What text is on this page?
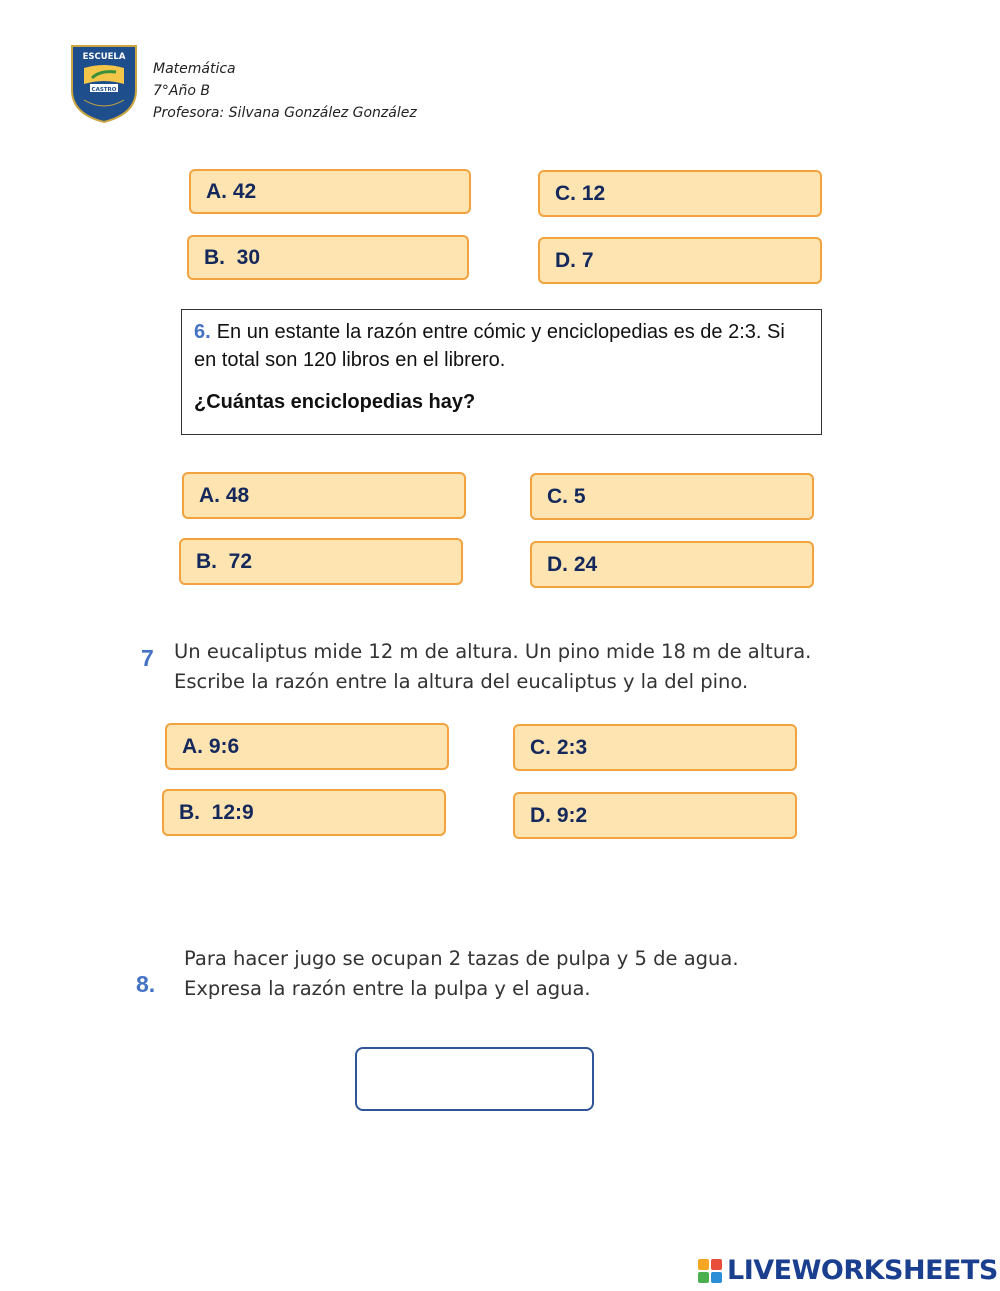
ESCUELA
CASTRO
Matemática
7°Año B
Profesora: Silvana González González
A. 42
B.  30
C. 12
D. 7
6. En un estante la razón entre cómic y enciclopedias es de 2:3. Si en total son 120 libros en el librero.
¿Cuántas enciclopedias hay?
A. 48
B.  72
C. 5
D. 24
7 Un eucaliptus mide 12 m de altura. Un pino mide 18 m de altura.
Escribe la razón entre la altura del eucaliptus y la del pino.
A. 9:6
B.  12:9
C. 2:3
D. 9:2
8.
Para hacer jugo se ocupan 2 tazas de pulpa y 5 de agua.
Expresa la razón entre la pulpa y el agua.
LIVEWORKSHEETS
